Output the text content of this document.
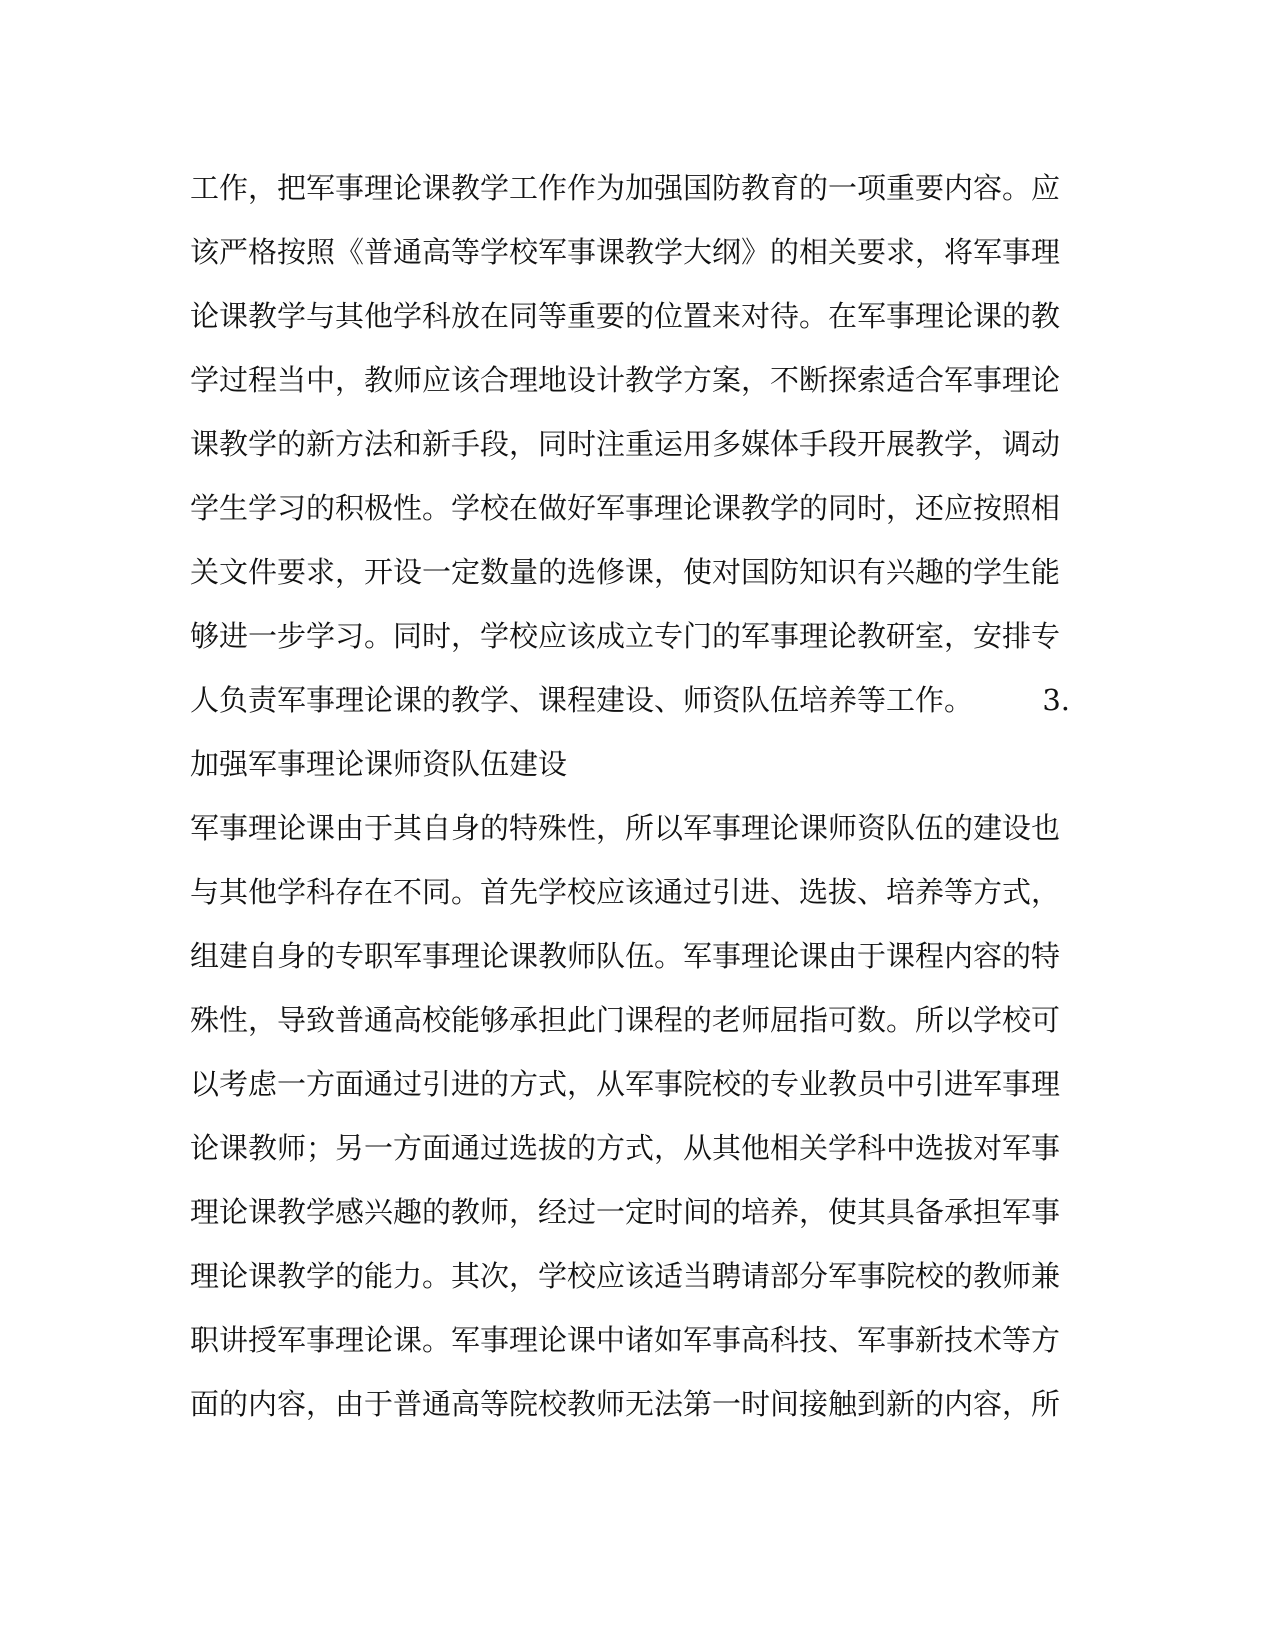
工作，把军事理论课教学工作作为加强国防教育的一项重要内容。应
该严格按照《普通高等学校军事课教学大纲》的相关要求，将军事理
论课教学与其他学科放在同等重要的位置来对待。在军事理论课的教
学过程当中，教师应该合理地设计教学方案，不断探索适合军事理论
课教学的新方法和新手段，同时注重运用多媒体手段开展教学，调动
学生学习的积极性。学校在做好军事理论课教学的同时，还应按照相
关文件要求，开设一定数量的选修课，使对国防知识有兴趣的学生能
够进一步学习。同时，学校应该成立专门的军事理论教研室，安排专
人负责军事理论课的教学、课程建设、师资队伍培养等工作。 3.
加强军事理论课师资队伍建设
军事理论课由于其自身的特殊性，所以军事理论课师资队伍的建设也
与其他学科存在不同。首先学校应该通过引进、选拔、培养等方式，
组建自身的专职军事理论课教师队伍。军事理论课由于课程内容的特
殊性，导致普通高校能够承担此门课程的老师屈指可数。所以学校可
以考虑一方面通过引进的方式，从军事院校的专业教员中引进军事理
论课教师；另一方面通过选拔的方式，从其他相关学科中选拔对军事
理论课教学感兴趣的教师，经过一定时间的培养，使其具备承担军事
理论课教学的能力。其次，学校应该适当聘请部分军事院校的教师兼
职讲授军事理论课。军事理论课中诸如军事高科技、军事新技术等方
面的内容，由于普通高等院校教师无法第一时间接触到新的内容，所
